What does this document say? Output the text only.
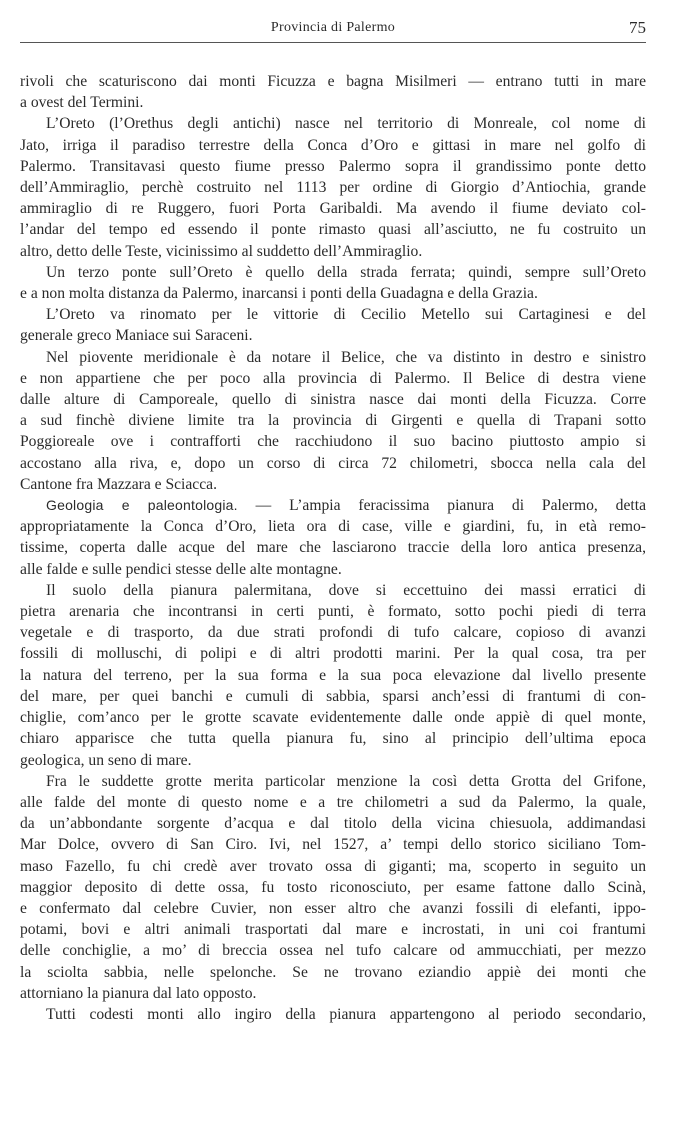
Provincia di Palermo	75
rivoli che scaturiscono dai monti Ficuzza e bagna Misilmeri — entrano tutti in mare
a ovest del Termini.
L’Oreto (l’Orethus degli antichi) nasce nel territorio di Monreale, col nome di
Jato, irriga il paradiso terrestre della Conca d’Oro e gittasi in mare nel golfo di
Palermo. Transitavasi questo fiume presso Palermo sopra il grandissimo ponte detto
dell’Ammiraglio, perchè costruito nel 1113 per ordine di Giorgio d’Antiochia, grande
ammiraglio di re Ruggero, fuori Porta Garibaldi. Ma avendo il fiume deviato col-
l’andar del tempo ed essendo il ponte rimasto quasi all’asciutto, ne fu costruito un
altro, detto delle Teste, vicinissimo al suddetto dell’Ammiraglio.
Un terzo ponte sull’Oreto è quello della strada ferrata; quindi, sempre sull’Oreto
e a non molta distanza da Palermo, inarcansi i ponti della Guadagna e della Grazia.
L’Oreto va rinomato per le vittorie di Cecilio Metello sui Cartaginesi e del
generale greco Maniace sui Saraceni.
Nel piovente meridionale è da notare il Belice, che va distinto in destro e sinistro
e non appartiene che per poco alla provincia di Palermo. Il Belice di destra viene
dalle alture di Camporeale, quello di sinistra nasce dai monti della Ficuzza. Corre
a sud finchè diviene limite tra la provincia di Girgenti e quella di Trapani sotto
Poggioreale ove i contrafforti che racchiudono il suo bacino piuttosto ampio si
accostano alla riva, e, dopo un corso di circa 72 chilometri, sbocca nella cala del
Cantone fra Mazzara e Sciacca.
Geologia e paleontologia. — L’ampia feracissima pianura di Palermo, detta
appropriatamente la Conca d’Oro, lieta ora di case, ville e giardini, fu, in età remo-
tissime, coperta dalle acque del mare che lasciarono traccie della loro antica presenza,
alle falde e sulle pendici stesse delle alte montagne.
Il suolo della pianura palermitana, dove si eccettuino dei massi erratici di
pietra arenaria che incontransi in certi punti, è formato, sotto pochi piedi di terra
vegetale e di trasporto, da due strati profondi di tufo calcare, copioso di avanzi
fossili di molluschi, di polipi e di altri prodotti marini. Per la qual cosa, tra per
la natura del terreno, per la sua forma e la sua poca elevazione dal livello presente
del mare, per quei banchi e cumuli di sabbia, sparsi anch’essi di frantumi di con-
chiglie, com’anco per le grotte scavate evidentemente dalle onde appiè di quel monte,
chiaro apparisce che tutta quella pianura fu, sino al principio dell’ultima epoca
geologica, un seno di mare.
Fra le suddette grotte merita particolar menzione la così detta Grotta del Grifone,
alle falde del monte di questo nome e a tre chilometri a sud da Palermo, la quale,
da un’abbondante sorgente d’acqua e dal titolo della vicina chiesuola, addimandasi
Mar Dolce, ovvero di San Ciro. Ivi, nel 1527, a’ tempi dello storico siciliano Tom-
maso Fazello, fu chi credè aver trovato ossa di giganti; ma, scoperto in seguito un
maggior deposito di dette ossa, fu tosto riconosciuto, per esame fattone dallo Scinà,
e confermato dal celebre Cuvier, non esser altro che avanzi fossili di elefanti, ippo-
potami, bovi e altri animali trasportati dal mare e incrostati, in uni coi frantumi
delle conchiglie, a mo’ di breccia ossea nel tufo calcare od ammucchiati, per mezzo
la sciolta sabbia, nelle spelonche. Se ne trovano eziandio appiè dei monti che
attorniano la pianura dal lato opposto.
Tutti codesti monti allo ingiro della pianura appartengono al periodo secondario,
